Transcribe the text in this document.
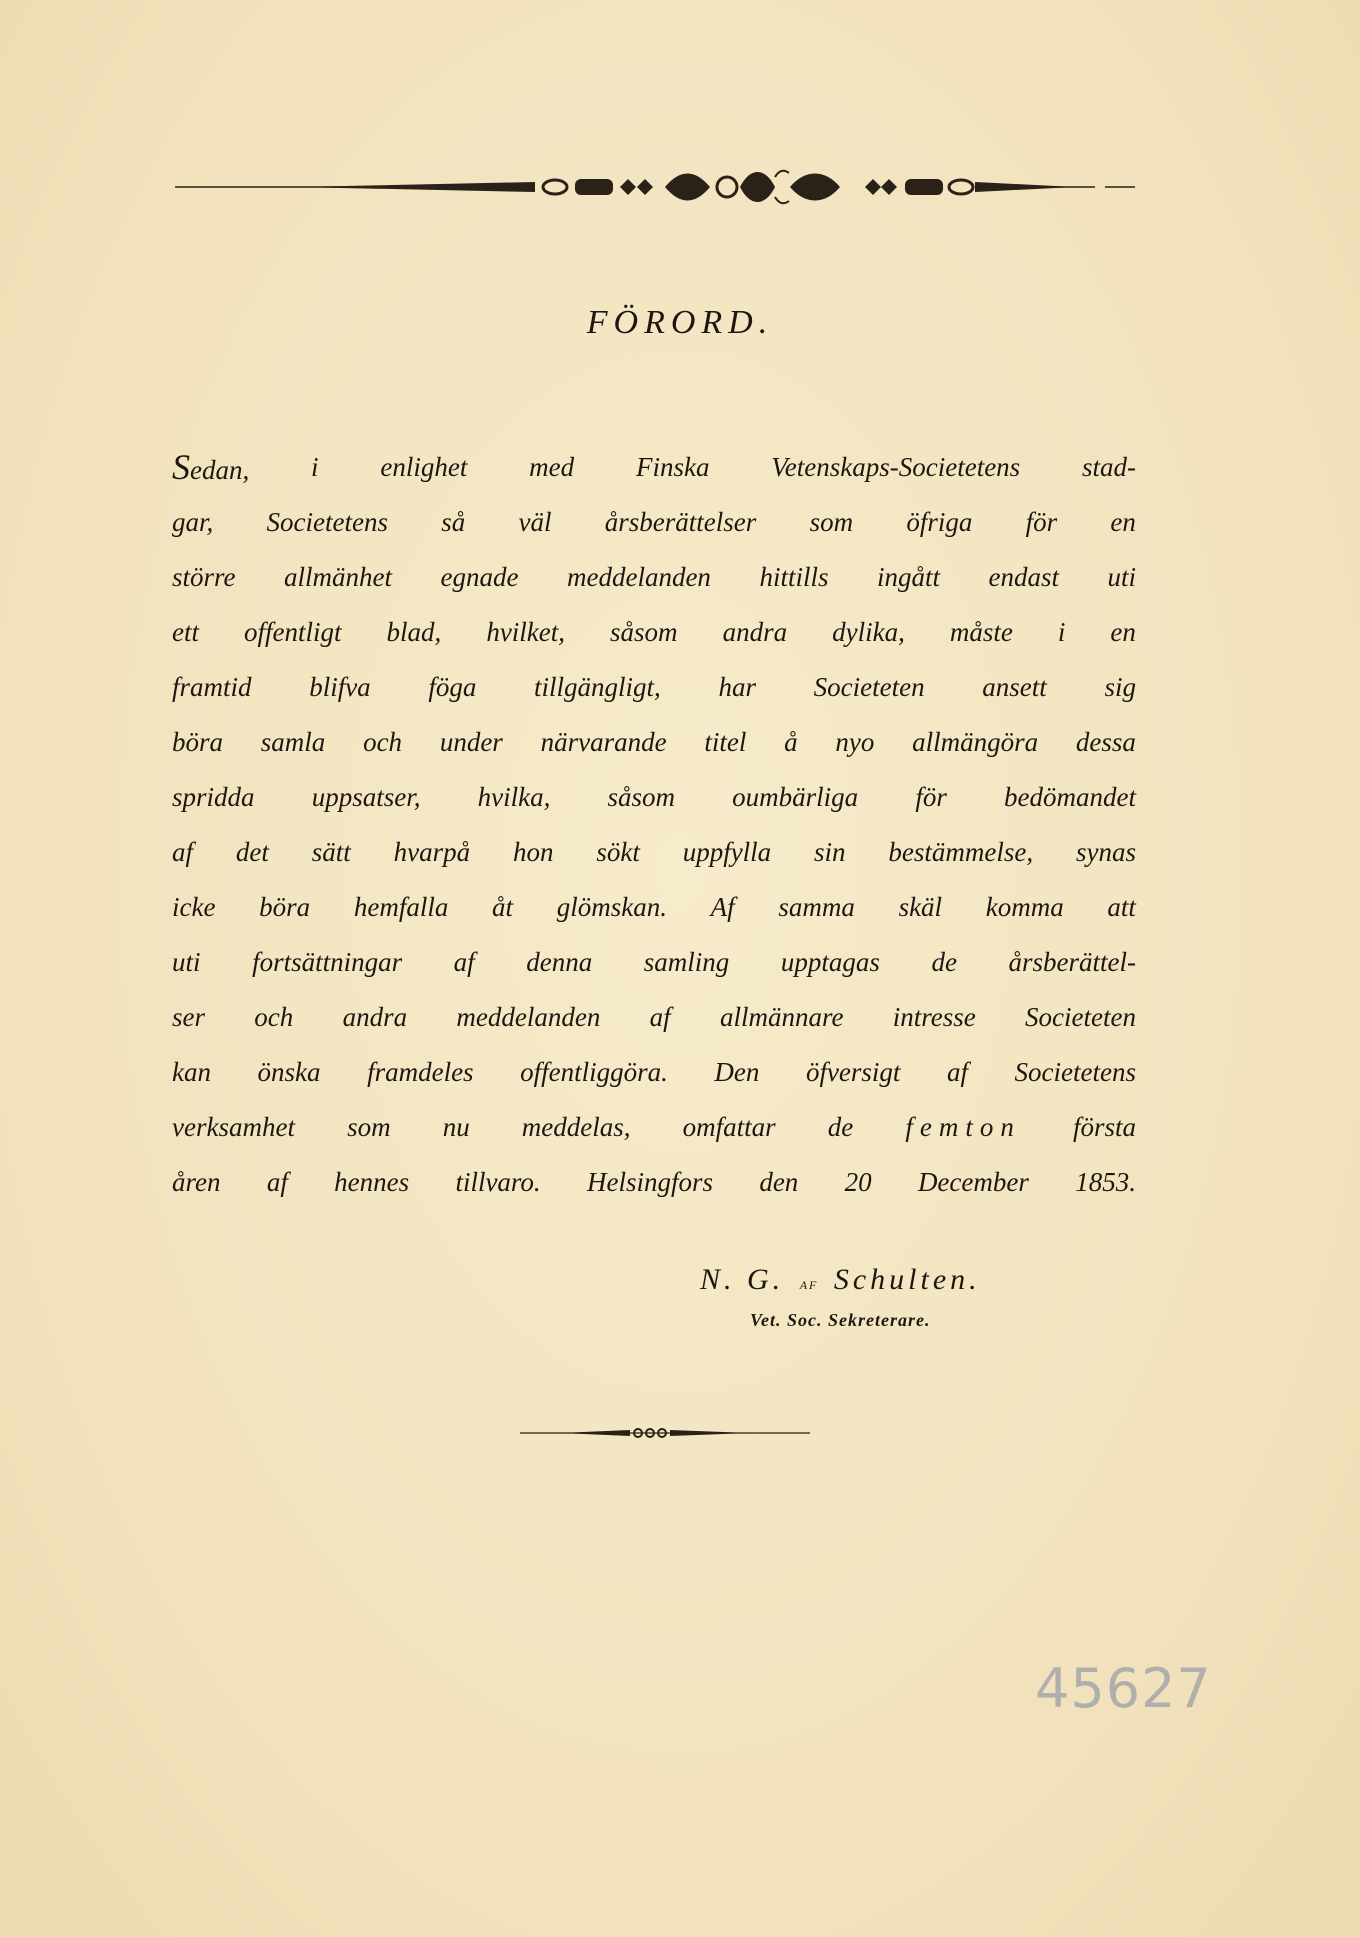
FÖRORD.
Sedan, i enlighet med Finska Vetenskaps-Societetens stad-
gar, Societetens så väl årsberättelser som öfriga för en
större allmänhet egnade meddelanden hittills ingått endast uti
ett offentligt blad, hvilket, såsom andra dylika, måste i en
framtid blifva föga tillgängligt, har Societeten ansett sig
böra samla och under närvarande titel å nyo allmängöra dessa
spridda uppsatser, hvilka, såsom oumbärliga för bedömandet
af det sätt hvarpå hon sökt uppfylla sin bestämmelse, synas
icke böra hemfalla åt glömskan. Af samma skäl komma att
uti fortsättningar af denna samling upptagas de årsberättel-
ser och andra meddelanden af allmännare intresse Societeten
kan önska framdeles offentliggöra. Den öfversigt af Societetens
verksamhet som nu meddelas, omfattar de femton första
åren af hennes tillvaro. Helsingfors den 20 December 1853.
N. G. AF Schulten.
Vet. Soc. Sekreterare.
45627
